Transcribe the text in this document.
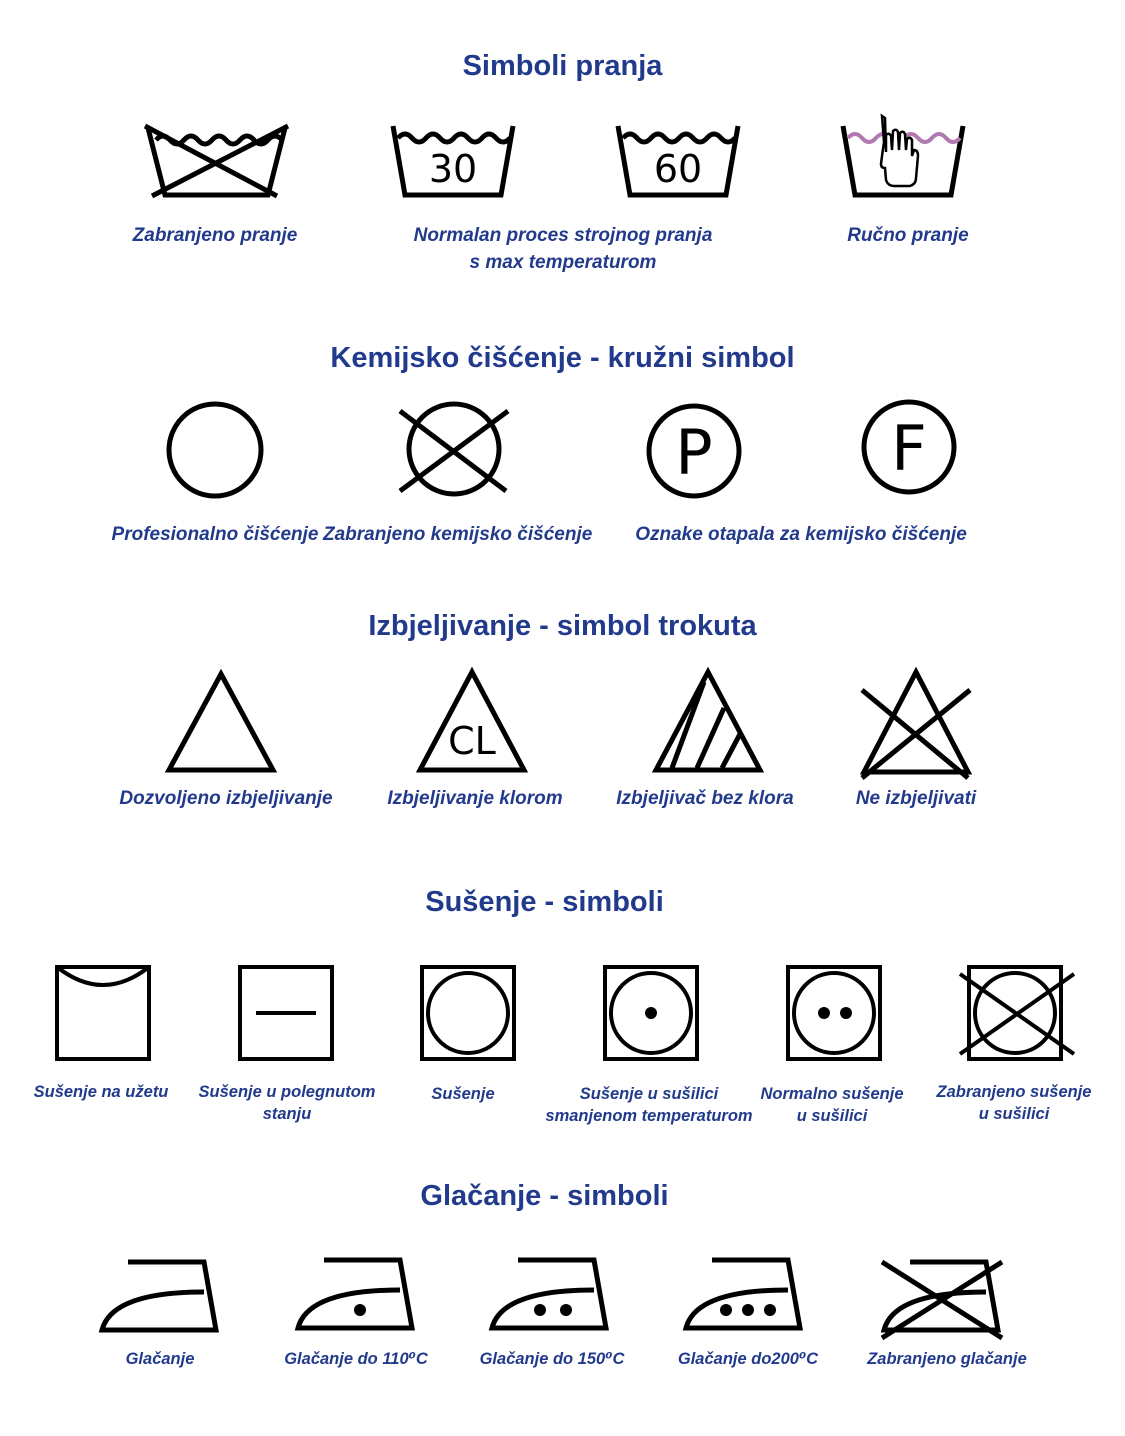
Simboli pranja
Zabranjeno pranje
30	60
Normalan proces strojnog pranja
s max temperaturom
Ručno pranje
Kemijsko čišćenje - kružni simbol
Profesionalno čišćenje Zabranjeno kemijsko čišćenje
P	F
Oznake otapala za kemijsko čišćenje
Izbjeljivanje - simbol trokuta
Dozvoljeno izbjeljivanje
CL
Izbjeljivanje klorom	Izbjeljivač bez klora	Ne izbjeljivati
Sušenje - simboli
Sušenje na užetu	Sušenje u polegnutom
stanju
Sušenje	Sušenje u sušilici
smanjenom temperaturom
Normalno sušenje
u sušilici
Zabranjeno sušenje
u sušilici
Glačanje - simboli
Glačanje	Glačanje do 110⁰C	Glačanje do 150⁰C	Glačanje do200⁰C	Zabranjeno glačanje
